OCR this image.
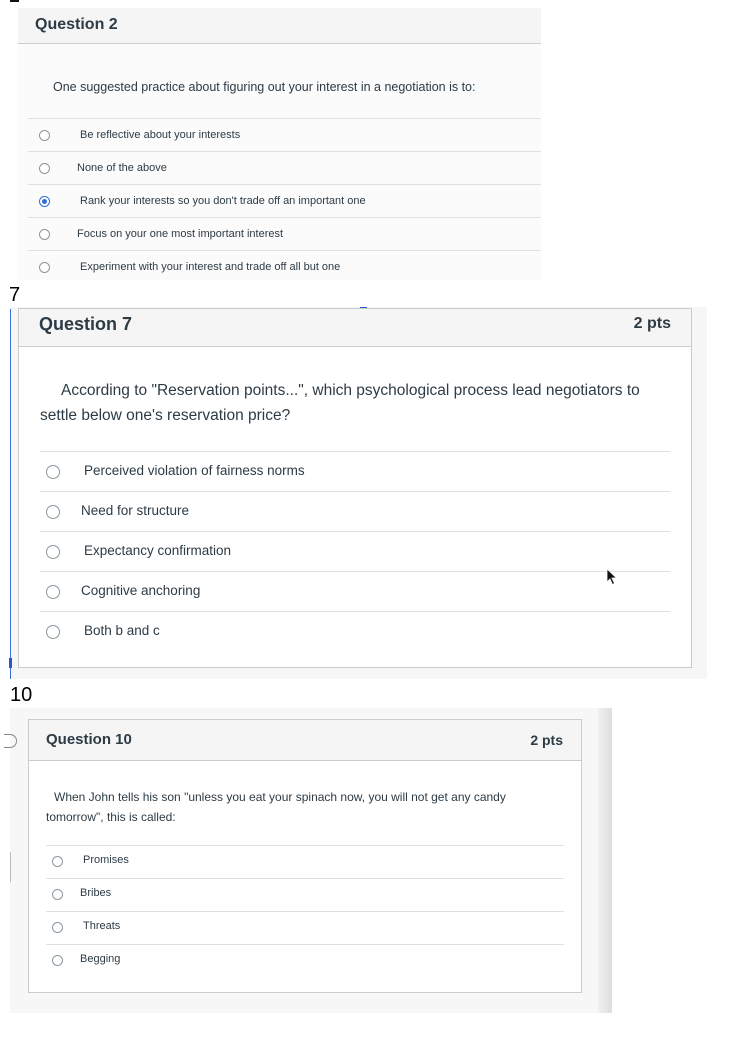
Question 2
One suggested practice about figuring out your interest in a negotiation is to:
Be reflective about your interests
None of the above
Rank your interests so you don't trade off an important one
Focus on your one most important interest
Experiment with your interest and trade off all but one
7
Question 7	2 pts
According to "Reservation points...", which psychological process lead negotiators to settle below one's reservation price?
Perceived violation of fairness norms
Need for structure
Expectancy confirmation
Cognitive anchoring
Both b and c
10
Question 10	2 pts
When John tells his son "unless you eat your spinach now, you will not get any candy tomorrow", this is called:
Promises
Bribes
Threats
Begging
